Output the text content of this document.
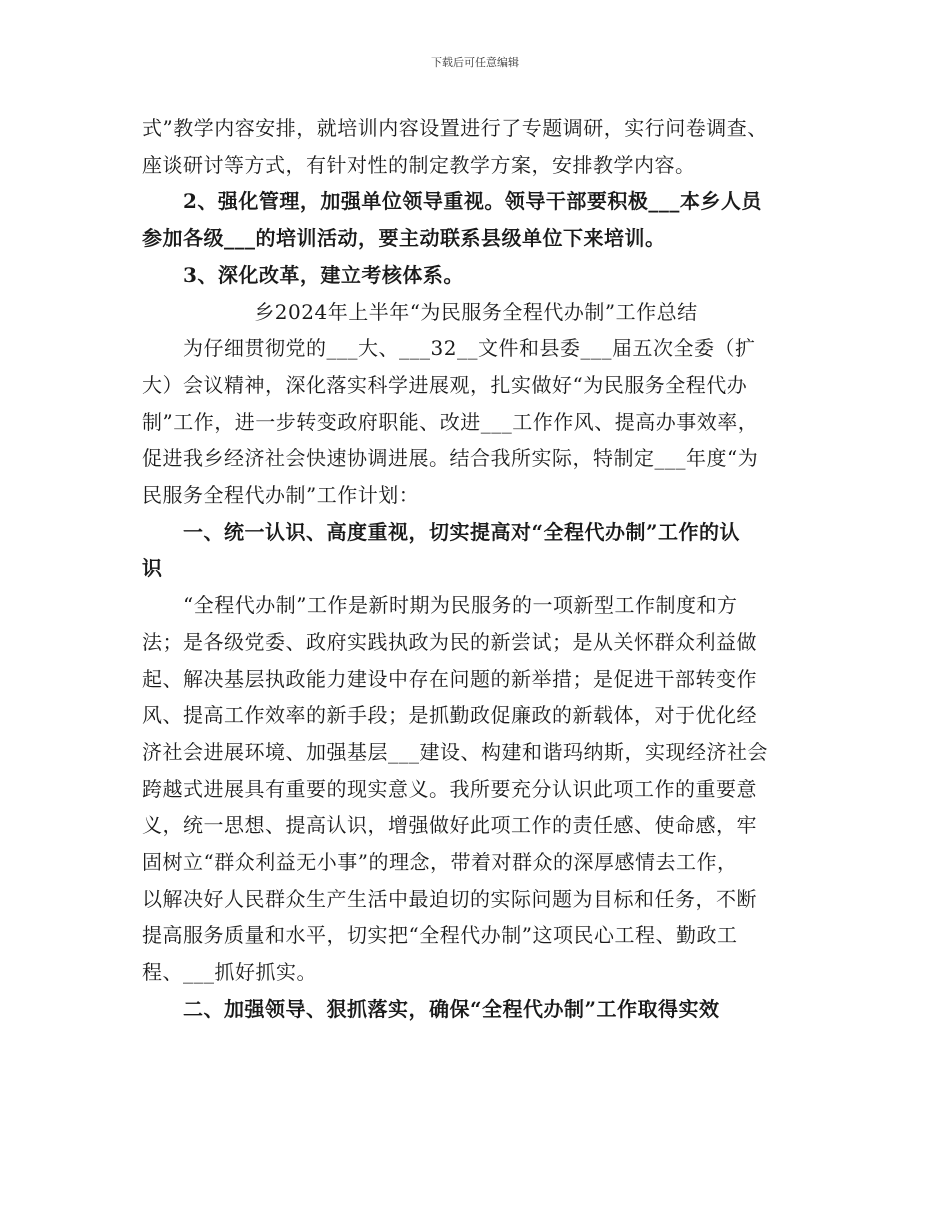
下载后可任意编辑

式”教学内容安排，就培训内容设置进行了专题调研，实行问卷调查、

座谈研讨等方式，有针对性的制定教学方案，安排教学内容。

　　2、强化管理，加强单位领导重视。领导干部要积极___本乡人员

参加各级___的培训活动，要主动联系县级单位下来培训。

　　3、深化改革，建立考核体系。

乡2024年上半年“为民服务全程代办制”工作总结

　　为仔细贯彻党的___大、___32__文件和县委___届五次全委（扩

大）会议精神，深化落实科学进展观，扎实做好“为民服务全程代办

制”工作，进一步转变政府职能、改进___工作作风、提高办事效率，

促进我乡经济社会快速协调进展。结合我所实际，特制定___年度“为

民服务全程代办制”工作计划：

　　一、统一认识、高度重视，切实提高对“全程代办制”工作的认

识

　　“全程代办制”工作是新时期为民服务的一项新型工作制度和方

法；是各级党委、政府实践执政为民的新尝试；是从关怀群众利益做

起、解决基层执政能力建设中存在问题的新举措；是促进干部转变作

风、提高工作效率的新手段；是抓勤政促廉政的新载体，对于优化经

济社会进展环境、加强基层___建设、构建和谐玛纳斯，实现经济社会

跨越式进展具有重要的现实意义。我所要充分认识此项工作的重要意

义，统一思想、提高认识，增强做好此项工作的责任感、使命感，牢

固树立“群众利益无小事”的理念，带着对群众的深厚感情去工作，

以解决好人民群众生产生活中最迫切的实际问题为目标和任务，不断

提高服务质量和水平，切实把“全程代办制”这项民心工程、勤政工

程、___抓好抓实。

　　二、加强领导、狠抓落实，确保“全程代办制”工作取得实效
